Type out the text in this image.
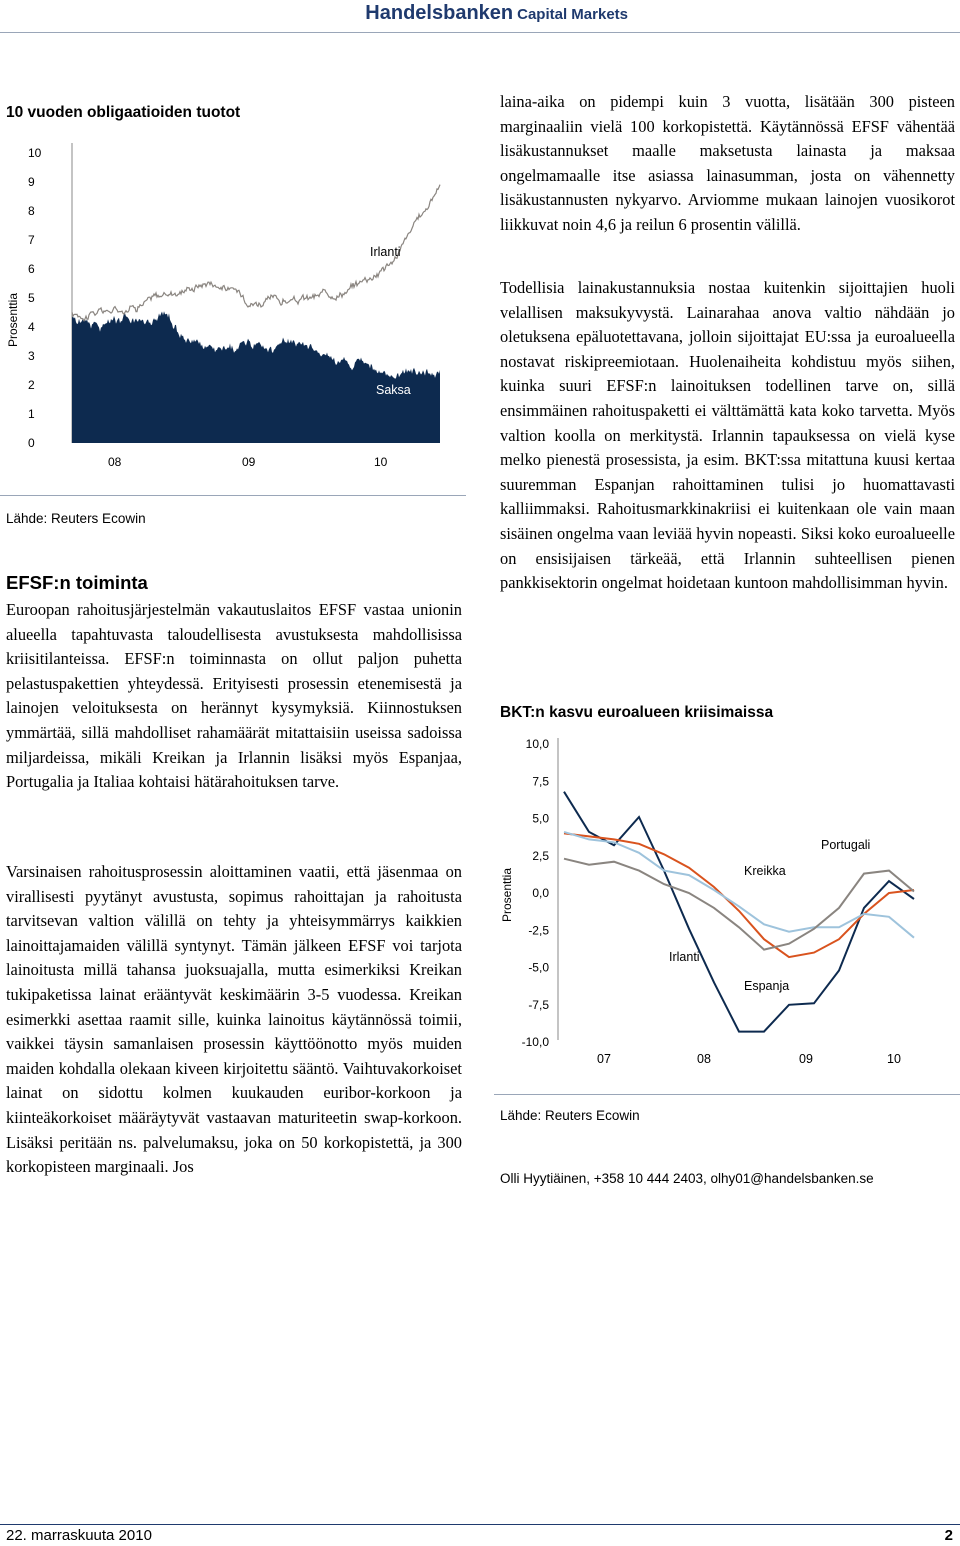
Handelsbanken Capital Markets
10 vuoden obligaatioiden tuotot
Prosenttia
10
9
8
7
6
5
4
3
2
1
0
08	09	10
Irlanti
Saksa
Lähde: Reuters Ecowin
EFSF:n toiminta
Euroopan rahoitusjärjestelmän vakautuslaitos EFSF vastaa unionin alueella tapahtuvasta taloudellisesta avustuksesta mahdollisissa kriisitilanteissa. EFSF:n toiminnasta on ollut paljon puhetta pelastuspakettien yhteydessä. Erityisesti prosessin etenemisestä ja lainojen veloituksesta on herännyt kysymyksiä. Kiinnostuksen ymmärtää, sillä mahdolliset rahamäärät mitattaisiin useissa sadoissa miljardeissa, mikäli Kreikan ja Irlannin lisäksi myös Espanjaa, Portugalia ja Italiaa kohtaisi hätärahoituksen tarve.
Varsinaisen rahoitusprosessin aloittaminen vaatii, että jäsenmaa on virallisesti pyytänyt avustusta, sopimus rahoittajan ja rahoitusta tarvitsevan valtion välillä on tehty ja yhteisymmärrys kaikkien lainoittajamaiden välillä syntynyt. Tämän jälkeen EFSF voi tarjota lainoitusta millä tahansa juoksuajalla, mutta esimerkiksi Kreikan tukipaketissa lainat erääntyvät keskimäärin 3-5 vuodessa. Kreikan esimerkki asettaa raamit sille, kuinka lainoitus käytännössä toimii, vaikkei täysin samanlaisen prosessin käyttöönotto myös muiden maiden kohdalla olekaan kiveen kirjoitettu sääntö. Vaihtuvakorkoiset lainat on sidottu kolmen kuukauden euribor-korkoon ja kiinteäkorkoiset määräytyvät vastaavan maturiteetin swap-korkoon. Lisäksi peritään ns. palvelumaksu, joka on 50 korkopistettä, ja 300 korkopisteen marginaali. Jos
laina-aika on pidempi kuin 3 vuotta, lisätään 300 pisteen marginaaliin vielä 100 korkopistettä. Käytännössä EFSF vähentää lisäkustannukset maalle maksetusta lainasta ja maksaa ongelmamaalle itse asiassa lainasumman, josta on vähennetty lisäkustannusten nykyarvo. Arviomme mukaan lainojen vuosikorot liikkuvat noin 4,6 ja reilun 6 prosentin välillä.
Todellisia lainakustannuksia nostaa kuitenkin sijoittajien huoli velallisen maksukyvystä. Lainarahaa anova valtio nähdään jo oletuksena epäluotettavana, jolloin sijoittajat EU:ssa ja euroalueella nostavat riskipreemiotaan. Huolenaiheita kohdistuu myös siihen, kuinka suuri EFSF:n lainoituksen todellinen tarve on, sillä ensimmäinen rahoituspaketti ei välttämättä kata koko tarvetta. Myös valtion koolla on merkitystä. Irlannin tapauksessa on vielä kyse melko pienestä prosessista, ja esim. BKT:ssa mitattuna kuusi kertaa suuremman Espanjan rahoittaminen tulisi jo huomattavasti kalliimmaksi. Rahoitusmarkkinakriisi ei kuitenkaan ole vain maan sisäinen ongelma vaan leviää hyvin nopeasti. Siksi koko euroalueelle on ensisijaisen tärkeää, että Irlannin suhteellisen pienen pankkisektorin ongelmat hoidetaan kuntoon mahdollisimman hyvin.
BKT:n kasvu euroalueen kriisimaissa
Prosenttia
10,0
7,5
5,0
2,5
0,0
-2,5
-5,0
-7,5
-10,0
07	08	09	10
Portugali
Kreikka
Irlanti
Espanja
Lähde: Reuters Ecowin
Olli Hyytiäinen, +358 10 444 2403, olhy01@handelsbanken.se
22. marraskuuta 2010	2
